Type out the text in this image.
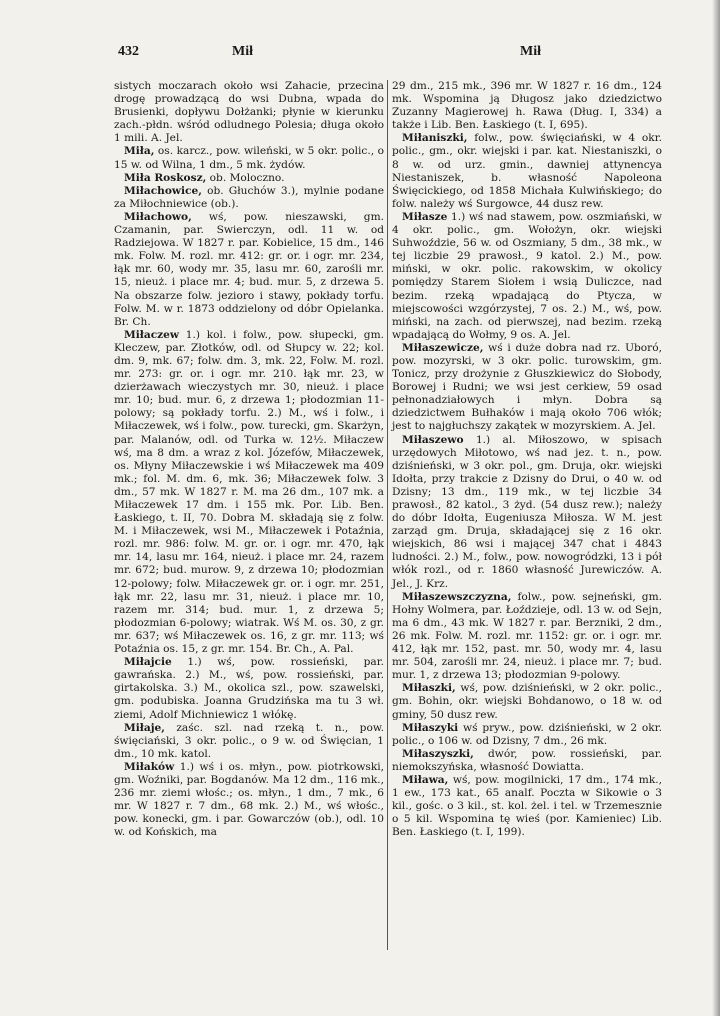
432	Mił	Mił

sistych moczarach około wsi Zahacie, przecina drogę prowadzącą do wsi Dubna, wpada do Brusienki, dopływu Dołżanki; płynie w kierunku zach.-płdn. wśród odludnego Polesia; długa około 1 mili. A. Jel.

Miła, os. karcz., pow. wileński, w 5 okr. polic., o 15 w. od Wilna, 1 dm., 5 mk. żydów.

Miła Roskosz, ob. Moloczno.

Miłachowice, ob. Głuchów 3.), mylnie podane za Miłochniewice (ob.).

Miłachowo, wś, pow. nieszawski, gm. Czamanin, par. Swierczyn, odl. 11 w. od Radziejowa. W 1827 r. par. Kobielice, 15 dm., 146 mk. Folw. M. rozl. mr. 412: gr. or. i ogr. mr. 234, łąk mr. 60, wody mr. 35, lasu mr. 60, zarośli mr. 15, nieuż. i place mr. 4; bud. mur. 5, z drzewa 5. Na obszarze folw. jezioro i stawy, pokłady torfu. Folw. M. w r. 1873 oddzielony od dóbr Opielanka. Br. Ch.

Miłaczew 1.) kol. i folw., pow. słupecki, gm. Kleczew, par. Złotków, odl. od Słupcy w. 22; kol. dm. 9, mk. 67; folw. dm. 3, mk. 22, Folw. M. rozl. mr. 273: gr. or. i ogr. mr. 210. łąk mr. 23, w dzierżawach wieczystych mr. 30, nieuż. i place mr. 10; bud. mur. 6, z drzewa 1; płodozmian 11-polowy; są pokłady torfu. 2.) M., wś i folw., i Miłaczewek, wś i folw., pow. turecki, gm. Skarżyn, par. Malanów, odl. od Turka w. 12½. Miłaczew wś, ma 8 dm. a wraz z kol. Józefów, Miłaczewek, os. Młyny Miłaczewskie i wś Miłaczewek ma 409 mk.; fol. M. dm. 6, mk. 36; Miłaczewek folw. 3 dm., 57 mk. W 1827 r. M. ma 26 dm., 107 mk. a Miłaczewek 17 dm. i 155 mk. Por. Lib. Ben. Łaskiego, t. II, 70. Dobra M. składają się z folw. M. i Miłaczewek, wsi M., Miłaczewek i Potaźnia, rozl. mr. 986: folw. M. gr. or. i ogr. mr. 470, łąk mr. 14, lasu mr. 164, nieuż. i place mr. 24, razem mr. 672; bud. murow. 9, z drzewa 10; płodozmian 12-polowy; folw. Miłaczewek gr. or. i ogr. mr. 251, łąk mr. 22, lasu mr. 31, nieuż. i place mr. 10, razem mr. 314; bud. mur. 1, z drzewa 5; płodozmian 6-polowy; wiatrak. Wś M. os. 30, z gr. mr. 637; wś Miłaczewek os. 16, z gr. mr. 113; wś Potaźnia os. 15, z gr. mr. 154. Br. Ch., A. Pal.

Miłajcie 1.) wś, pow. rossieński, par. gawrańska. 2.) M., wś, pow. rossieński, par. girtakolska. 3.) M., okolica szl., pow. szawelski, gm. podubiska. Joanna Grudzińska ma tu 3 wł. ziemi, Adolf Michniewicz 1 włókę.

Miłaje, zaśc. szl. nad rzeką t. n., pow. święciański, 3 okr. polic., o 9 w. od Święcian, 1 dm., 10 mk. katol.

Miłaków 1.) wś i os. młyn., pow. piotrkowski, gm. Woźniki, par. Bogdanów. Ma 12 dm., 116 mk., 236 mr. ziemi włośc.; os. młyn., 1 dm., 7 mk., 6 mr. W 1827 r. 7 dm., 68 mk. 2.) M., wś włośc., pow. konecki, gm. i par. Gowarczów (ob.), odl. 10 w. od Końskich, ma

29 dm., 215 mk., 396 mr. W 1827 r. 16 dm., 124 mk. Wspomina ją Długosz jako dziedzictwo Zuzanny Magierowej h. Rawa (Dług. I, 334) a także i Lib. Ben. Łaskiego (t. I, 695).

Miłaniszki, folw., pow. święciański, w 4 okr. polic., gm., okr. wiejski i par. kat. Niestaniszki, o 8 w. od urz. gmin., dawniej attynencya Niestaniszek, b. własność Napoleona Święcickiego, od 1858 Michała Kulwińskiego; do folw. należy wś Surgowce, 44 dusz rew.

Miłasze 1.) wś nad stawem, pow. oszmiański, w 4 okr. polic., gm. Wołożyn, okr. wiejski Suhwoździe, 56 w. od Oszmiany, 5 dm., 38 mk., w tej liczbie 29 prawosł., 9 katol. 2.) M., pow. miński, w okr. polic. rakowskim, w okolicy pomiędzy Starem Siołem i wsią Duliczce, nad bezim. rzeką wpadającą do Ptycza, w miejscowości wzgórzystej, 7 os. 2.) M., wś, pow. miński, na zach. od pierwszej, nad bezim. rzeką wpadającą do Wołmy, 9 os. A. Jel.

Miłaszewicze, wś i duże dobra nad rz. Uboró, pow. mozyrski, w 3 okr. polic. turowskim, gm. Tonicz, przy drożynie z Głuszkiewicz do Słobody, Borowej i Rudni; we wsi jest cerkiew, 59 osad pełnonadziałowych i młyn. Dobra są dziedzictwem Bułhaków i mają około 706 włók; jest to najgłuchszy zakątek w mozyrskiem. A. Jel.

Miłaszewo 1.) al. Miłoszowo, w spisach urzędowych Miłotowo, wś nad jez. t. n., pow. dziśnieński, w 3 okr. pol., gm. Druja, okr. wiejski Idołta, przy trakcie z Dzisny do Drui, o 40 w. od Dzisny; 13 dm., 119 mk., w tej liczbie 34 prawosł., 82 katol., 3 żyd. (54 dusz rew.); należy do dóbr Idołta, Eugeniusza Miłosza. W M. jest zarząd gm. Druja, składającej się z 16 okr. wiejskich, 86 wsi i mającej 347 chat i 4843 ludności. 2.) M., folw., pow. nowogródzki, 13 i pół włók rozl., od r. 1860 własność Jurewiczów. A. Jel., J. Krz.

Miłaszewszczyzna, folw., pow. sejneński, gm. Hołny Wolmera, par. Łoździeje, odl. 13 w. od Sejn, ma 6 dm., 43 mk. W 1827 r. par. Berzniki, 2 dm., 26 mk. Folw. M. rozl. mr. 1152: gr. or. i ogr. mr. 412, łąk mr. 152, past. mr. 50, wody mr. 4, lasu mr. 504, zarośli mr. 24, nieuż. i place mr. 7; bud. mur. 1, z drzewa 13; płodozmian 9-polowy.

Miłaszki, wś, pow. dziśnieński, w 2 okr. polic., gm. Bohin, okr. wiejski Bohdanowo, o 18 w. od gminy, 50 dusz rew.

Miłaszyki wś pryw., pow. dziśnieński, w 2 okr. polic., o 106 w. od Dzisny, 7 dm., 26 mk.

Miłaszyszki, dwór, pow. rossieński, par. niemokszyńska, własność Dowiatta.

Miława, wś, pow. mogilnicki, 17 dm., 174 mk., 1 ew., 173 kat., 65 analf. Poczta w Sikowie o 3 kil., gośc. o 3 kil., st. kol. żel. i tel. w Trzemesznie o 5 kil. Wspomina tę wieś (por. Kamieniec) Lib. Ben. Łaskiego (t. I, 199).
